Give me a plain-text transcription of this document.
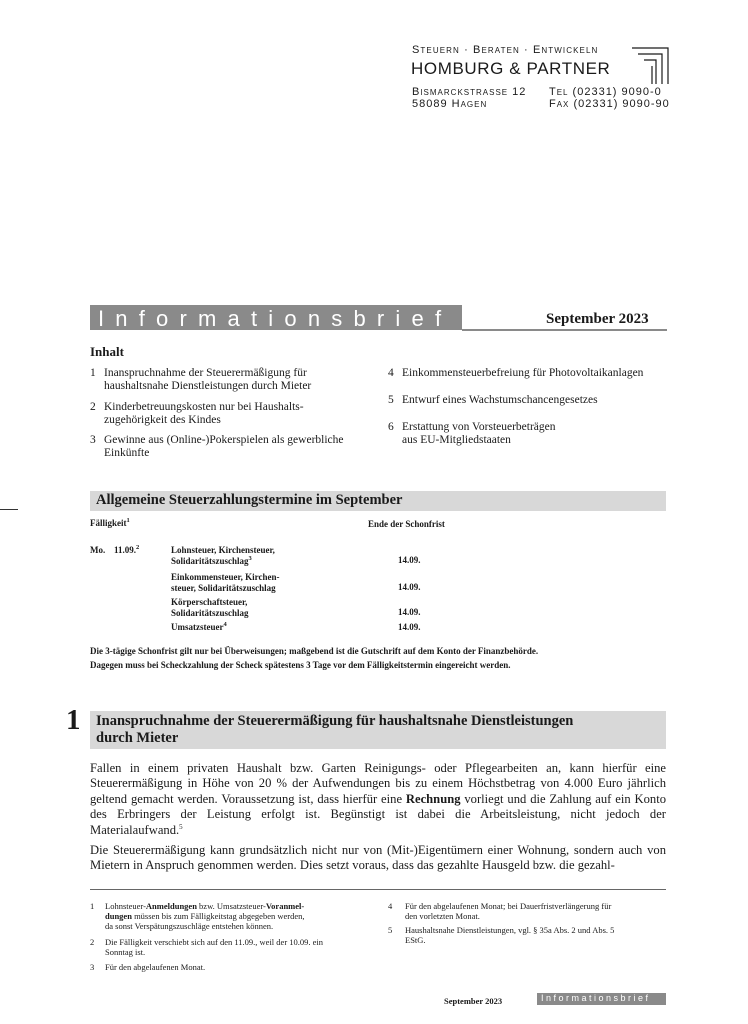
Steuern · Beraten · Entwickeln
HOMBURG & PARTNER
Bismarckstrasse 12
58089 Hagen
Tel (02331) 9090-0
Fax (02331) 9090-90
Informationsbrief	September 2023
Inhalt
1 Inanspruchnahme der Steuerermäßigung für
haushaltsnahe Dienstleistungen durch Mieter
2 Kinderbetreuungskosten nur bei Haushalts-
zugehörigkeit des Kindes
3 Gewinne aus (Online-)Pokerspielen als gewerbliche
Einkünfte
4 Einkommensteuerbefreiung für Photovoltaikanlagen
5 Entwurf eines Wachstumschancengesetzes
6 Erstattung von Vorsteuerbeträgen
aus EU-Mitgliedstaaten
Allgemeine Steuerzahlungstermine im September
Fälligkeit$^1$	Ende der Schonfrist
Mo. 11.09.$^2$	Lohnsteuer, Kirchensteuer,
Solidaritätszuschlag$^3$	14.09.
Einkommensteuer, Kirchen-
steuer, Solidaritätszuschlag	14.09.
Körperschaftsteuer,
Solidaritätszuschlag	14.09.
Umsatzsteuer$^4$	14.09.
Die 3-tägige Schonfrist gilt nur bei Überweisungen; maßgebend ist die Gutschrift auf dem Konto der Finanzbehörde.
Dagegen muss bei Scheckzahlung der Scheck spätestens 3 Tage vor dem Fälligkeitstermin eingereicht werden.
1 Inanspruchnahme der Steuerermäßigung für haushaltsnahe Dienstleistungen
durch Mieter
Fallen in einem privaten Haushalt bzw. Garten Reinigungs- oder Pflegearbeiten an, kann hierfür eine Steuerermäßigung in Höhe von 20 % der Aufwendungen bis zu einem Höchstbetrag von 4.000 Euro jährlich geltend gemacht werden. Voraussetzung ist, dass hierfür eine Rechnung vorliegt und die Zahlung auf ein Konto des Erbringers der Leistung erfolgt ist. Begünstigt ist dabei die Arbeitsleistung, nicht jedoch der Materialaufwand.$^5$
Die Steuerermäßigung kann grundsätzlich nicht nur von (Mit-)Eigentümern einer Wohnung, sondern auch von Mietern in Anspruch genommen werden. Dies setzt voraus, dass das gezahlte Hausgeld bzw. die gezahl-
1 Lohnsteuer-Anmeldungen bzw. Umsatzsteuer-Voranmel-
dungen müssen bis zum Fälligkeitstag abgegeben werden,
da sonst Verspätungszuschläge entstehen können.
2 Die Fälligkeit verschiebt sich auf den 11.09., weil der 10.09. ein
Sonntag ist.
3 Für den abgelaufenen Monat.
4 Für den abgelaufenen Monat; bei Dauerfristverlängerung für
den vorletzten Monat.
5 Haushaltsnahe Dienstleistungen, vgl. § 35a Abs. 2 und Abs. 5
EStG.
September 2023	Informationsbrief
